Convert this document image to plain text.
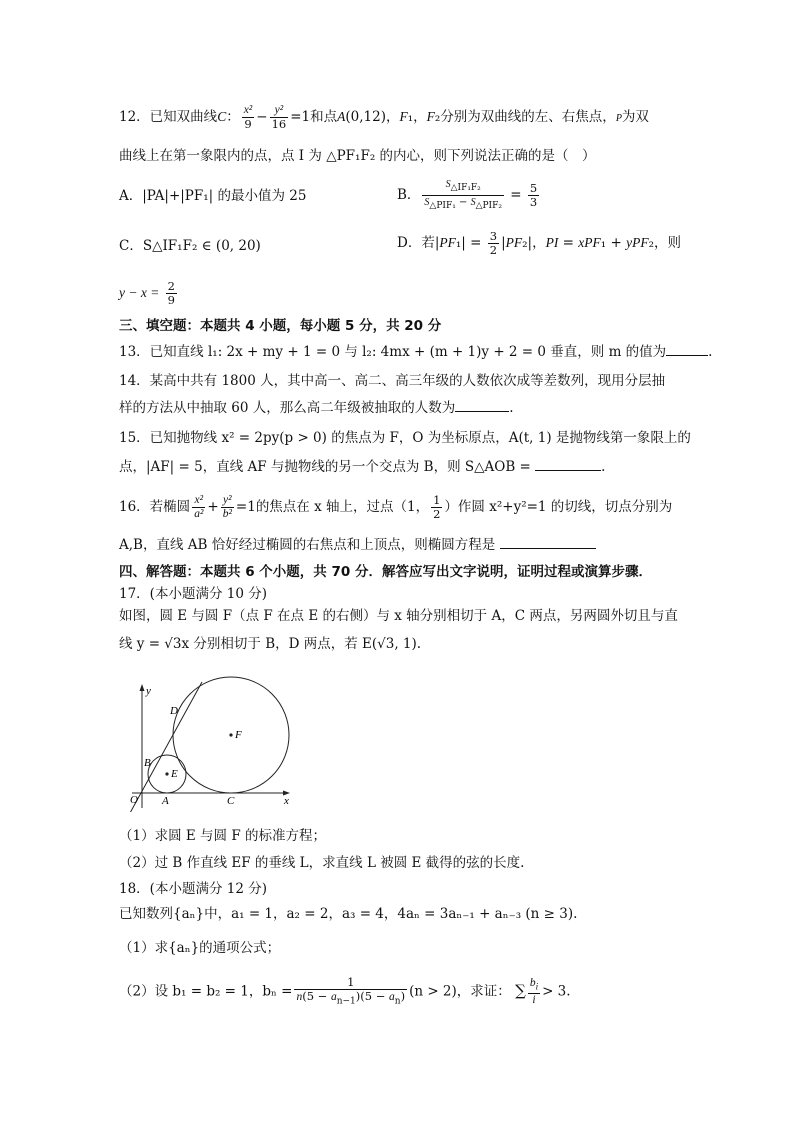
12．已知双曲线C： $\frac{\text{x²}}{9} - \frac{\text{y²}}{16} =1$和点A(0,12)，F₁，F₂分别为双曲线的左、右焦点，P为双
曲线上在第一象限内的点，点 I 为 △PF₁F₂ 的内心，则下列说法正确的是（　）
A．|PA|+|PF₁| 的最小值为 25	B． $\frac{S_{\triangle IF_1F_2}}{S_{\triangle PIF_1} - S_{\triangle PIF_2}} = \frac{5}{3}$
C．S△IF₁F₂ ∈ (0, 20)	D．若$|PF_1| = \frac{3}{2} |PF_2|$，PI = xPF₁ + yPF₂，则
$y - x = \frac{2}{9}$
三、填空题：本题共 4 小题，每小题 5 分，共 20 分
13．已知直线 l₁: 2x + my + 1 = 0 与 l₂: 4mx + (m + 1)y + 2 = 0 垂直，则 m 的值为	.
14．某高中共有 1800 人，其中高一、高二、高三年级的人数依次成等差数列，现用分层抽
样的方法从中抽取 60 人，那么高二年级被抽取的人数为	.
15．已知抛物线 x² = 2py(p > 0) 的焦点为 F，O 为坐标原点，A(t, 1) 是抛物线第一象限上的
点，|AF| = 5，直线 AF 与抛物线的另一个交点为 B，则 S△AOB =	.
16．若椭圆 $\frac{\text{x²}}{\text{a²}} + \frac{\text{y²}}{\text{b²}} =1$的焦点在 x 轴上，过点（1， $\frac{1}{2}$ ）作圆 x²+y²=1 的切线，切点分别为
A,B，直线 AB 恰好经过椭圆的右焦点和上顶点，则椭圆方程是
四、解答题：本题共 6 个小题，共 70 分．解答应写出文字说明，证明过程或演算步骤．
17．(本小题满分 10 分)
如图，圆 E 与圆 F（点 F 在点 E 的右侧）与 x 轴分别相切于 A，C 两点，另两圆外切且与直
线 y = √3x 分别相切于 B，D 两点，若 E(√3, 1).
y
x
E
F
O A	C
B
D
（1）求圆 E 与圆 F 的标准方程；
（2）过 B 作直线 EF 的垂线 L，求直线 L 被圆 E 截得的弦的长度.
18．(本小题满分 12 分)
已知数列{aₙ}中，a₁ = 1，a₂ = 2，a₃ = 4，4aₙ = 3aₙ₋₁ + aₙ₋₃ (n ≥ 3).
（1）求{aₙ}的通项公式；
（2）设 b₁ = b₂ = 1，$b_n = \frac{1}{n(5 - a_{n-1})(5 - a_n)} (n > 2)$，求证： ∑ $\frac{b_i}{i} > 3$.
